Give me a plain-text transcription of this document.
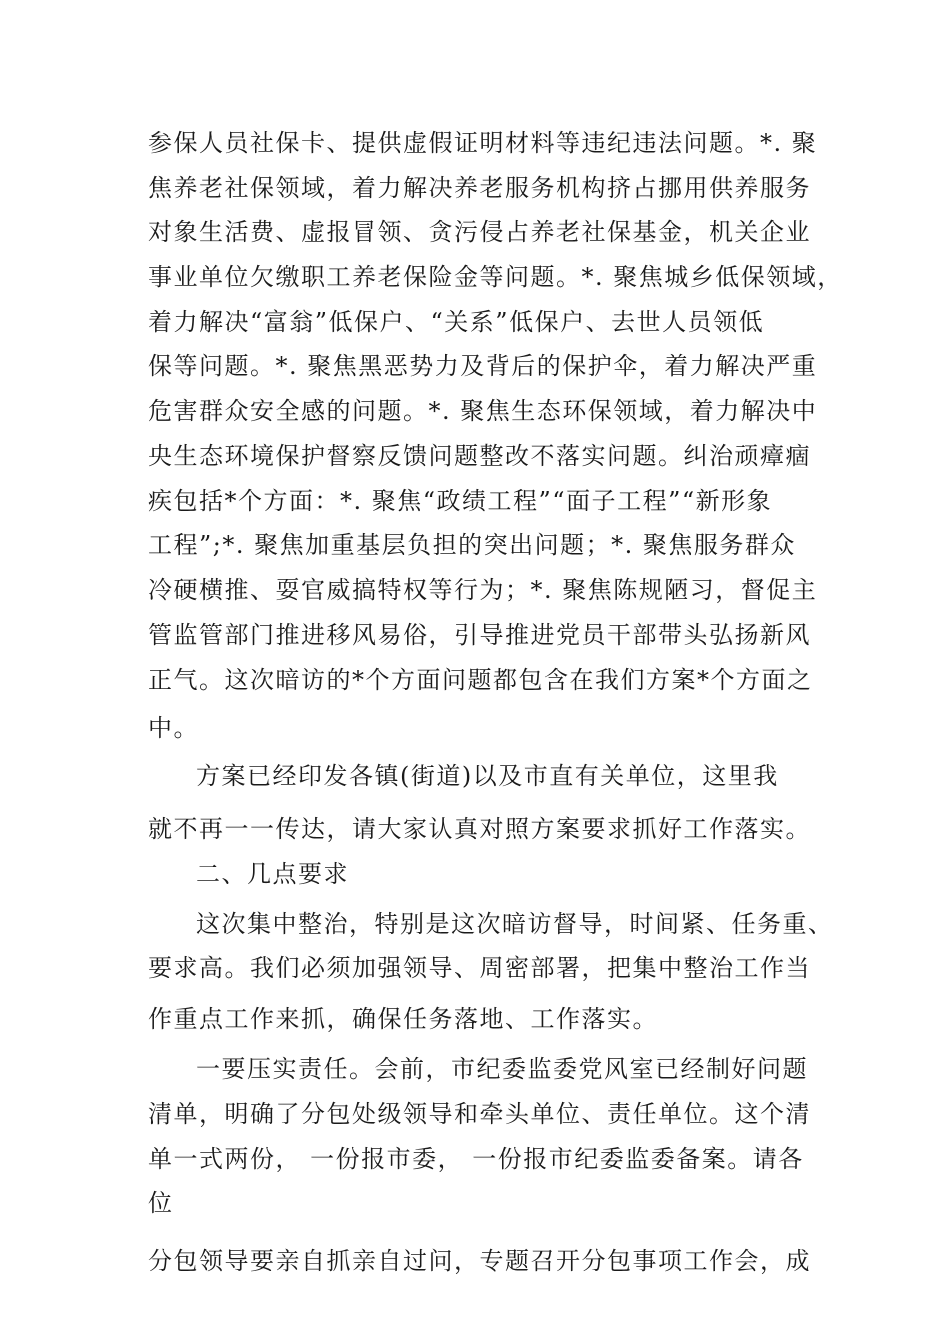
参保人员社保卡、提供虚假证明材料等违纪违法问题。*. 聚
焦养老社保领域，着力解决养老服务机构挤占挪用供养服务
对象生活费、虚报冒领、贪污侵占养老社保基金，机关企业
事业单位欠缴职工养老保险金等问题。*. 聚焦城乡低保领域，
着力解决“富翁”低保户、“关系”低保户、去世人员领低
保等问题。*. 聚焦黑恶势力及背后的保护伞，着力解决严重
危害群众安全感的问题。*. 聚焦生态环保领域，着力解决中
央生态环境保护督察反馈问题整改不落实问题。纠治顽瘴痼
疾包括*个方面：*. 聚焦“政绩工程”“面子工程”“新形象
工程”;*. 聚焦加重基层负担的突出问题；*. 聚焦服务群众
冷硬横推、耍官威搞特权等行为；*. 聚焦陈规陋习，督促主
管监管部门推进移风易俗，引导推进党员干部带头弘扬新风
正气。这次暗访的*个方面问题都包含在我们方案*个方面之
中。
方案已经印发各镇(街道)以及市直有关单位，这里我
就不再一一传达，请大家认真对照方案要求抓好工作落实。
二、几点要求
这次集中整治，特别是这次暗访督导，时间紧、任务重、
要求高。我们必须加强领导、周密部署，把集中整治工作当
作重点工作来抓，确保任务落地、工作落实。
一要压实责任。会前，市纪委监委党风室已经制好问题
清单，明确了分包处级领导和牵头单位、责任单位。这个清
单一式两份， 一份报市委， 一份报市纪委监委备案。请各
位
分包领导要亲自抓亲自过问，专题召开分包事项工作会，成
